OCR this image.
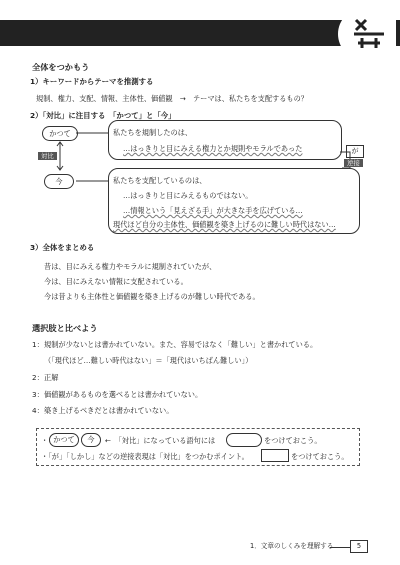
全体をつかもう
1）キーワードからテーマを推測する
規制、権力、支配、情報、主体性、価値観　→　テーマは、私たちを支配するもの？
2）「対比」に注目する　「かつて」と「今」
かつて
対比
今
私たちを規制したのは、
…はっきりと目にみえる権力とか規則やモラルであった	が
逆接
私たちを支配しているのは、
…はっきりと目にみえるものではない。
…情報という「見えざる手」が大きな手を広げている…
現代ほど自分の主体性、価値観を築き上げるのに難しい時代はない…
3）全体をまとめる
昔は、目にみえる権力やモラルに規制されていたが、
今は、目にみえない情報に支配されている。
今は昔よりも主体性と価値観を築き上げるのが難しい時代である。
選択肢と比べよう
1： 規制が少ないとは書かれていない。また、容易ではなく「難しい」と書かれている。
（「現代ほど…難しい時代はない」＝「現代はいちばん難しい」）
2： 正解
3： 価値観があるものを選べるとは書かれていない。
4： 築き上げるべきだとは書かれていない。
・ かつて	今	←　「対比」になっている語句には	をつけておこう。
・「が」「しかし」などの逆接表現は「対比」をつかむポイント。	をつけておこう。
1．文章のしくみを理解する	5
